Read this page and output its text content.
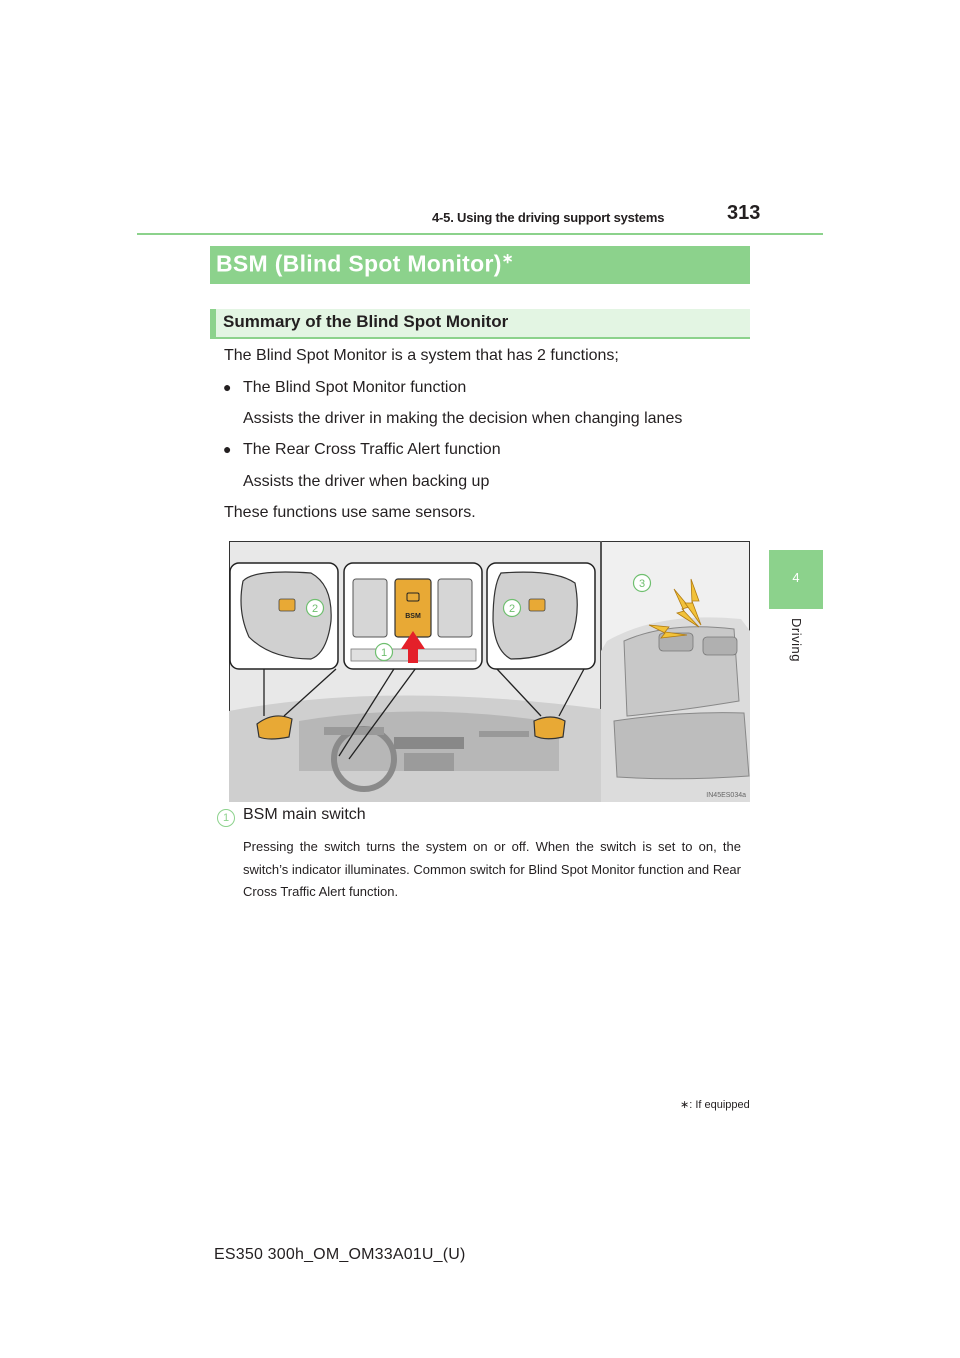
4-5. Using the driving support systems	313
4
Driving
BSM (Blind Spot Monitor)∗
Summary of the Blind Spot Monitor
The Blind Spot Monitor is a system that has 2 functions;
● The Blind Spot Monitor function
Assists the driver in making the decision when changing lanes
● The Rear Cross Traffic Alert function
Assists the driver when backing up
These functions use same sensors.
BSM
2
1
2
3
IN45ES034a
1 BSM main switch
Pressing the switch turns the system on or off. When the switch is set to on, the switch’s indicator illuminates. Common switch for Blind Spot Monitor function and Rear Cross Traffic Alert function.
∗: If equipped
ES350 300h_OM_OM33A01U_(U)
